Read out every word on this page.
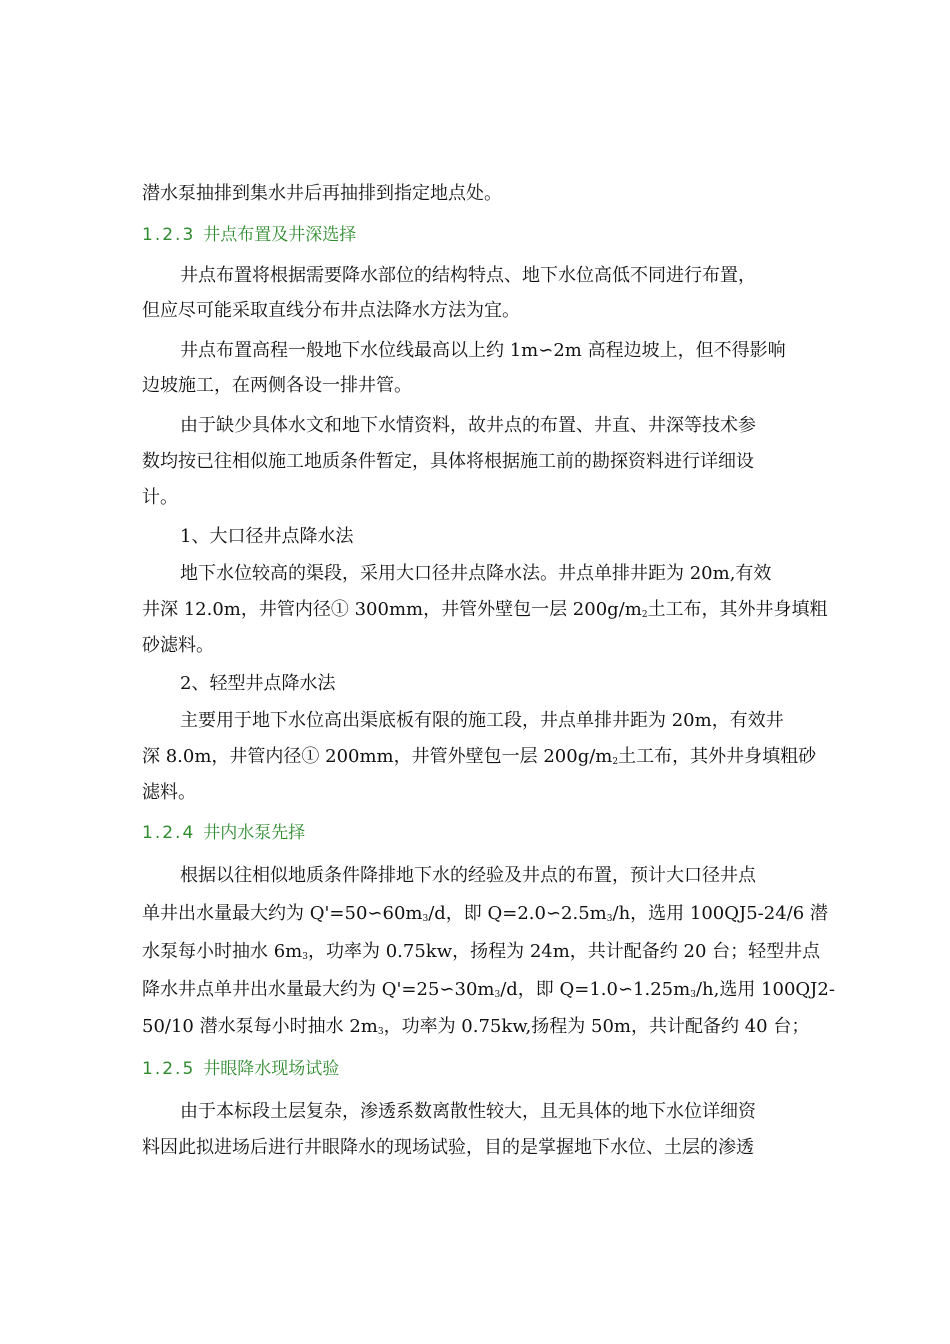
潜水泵抽排到集水井后再抽排到指定地点处。

1.2.3 井点布置及井深选择

井点布置将根据需要降水部位的结构特点、地下水位高低不同进行布置，

但应尽可能采取直线分布井点法降水方法为宜。

井点布置高程一般地下水位线最高以上约 1m∽2m 高程边坡上，但不得影响

边坡施工，在两侧各设一排井管。

由于缺少具体水文和地下水情资料，故井点的布置、井直、井深等技术参

数均按已往相似施工地质条件暂定，具体将根据施工前的勘探资料进行详细设

计。

1、大口径井点降水法

地下水位较高的渠段，采用大口径井点降水法。井点单排井距为 20m,有效

井深 12.0m，井管内径① 300mm，井管外壁包一层 $200g/m_2$土工布，其外井身填粗

砂滤料。

2、轻型井点降水法

主要用于地下水位高出渠底板有限的施工段，井点单排井距为 20m，有效井

深 8.0m，井管内径① 200mm，井管外壁包一层 $200g/m_2$土工布，其外井身填粗砂

滤料。

1.2.4 井内水泵先择

根据以往相似地质条件降排地下水的经验及井点的布置，预计大口径井点

单井出水量最大约为 $Q'=50∽60m_3/d$，即 $Q=2.0∽2.5m_3/h$，选用 100QJ5-24/6 潜

水泵每小时抽水 $6m_3$，功率为 0.75kw，扬程为 24m，共计配备约 20 台；轻型井点

降水井点单井出水量最大约为 $Q'=25∽30m_3/d$，即 $Q=1.0∽1.25m_3/h$,选用 100QJ2-

50/10 潜水泵每小时抽水 $2m_3$，功率为 0.75kw,扬程为 50m，共计配备约 40 台；

1.2.5 井眼降水现场试验

由于本标段土层复杂，渗透系数离散性较大，且无具体的地下水位详细资

料因此拟进场后进行井眼降水的现场试验，目的是掌握地下水位、土层的渗透
